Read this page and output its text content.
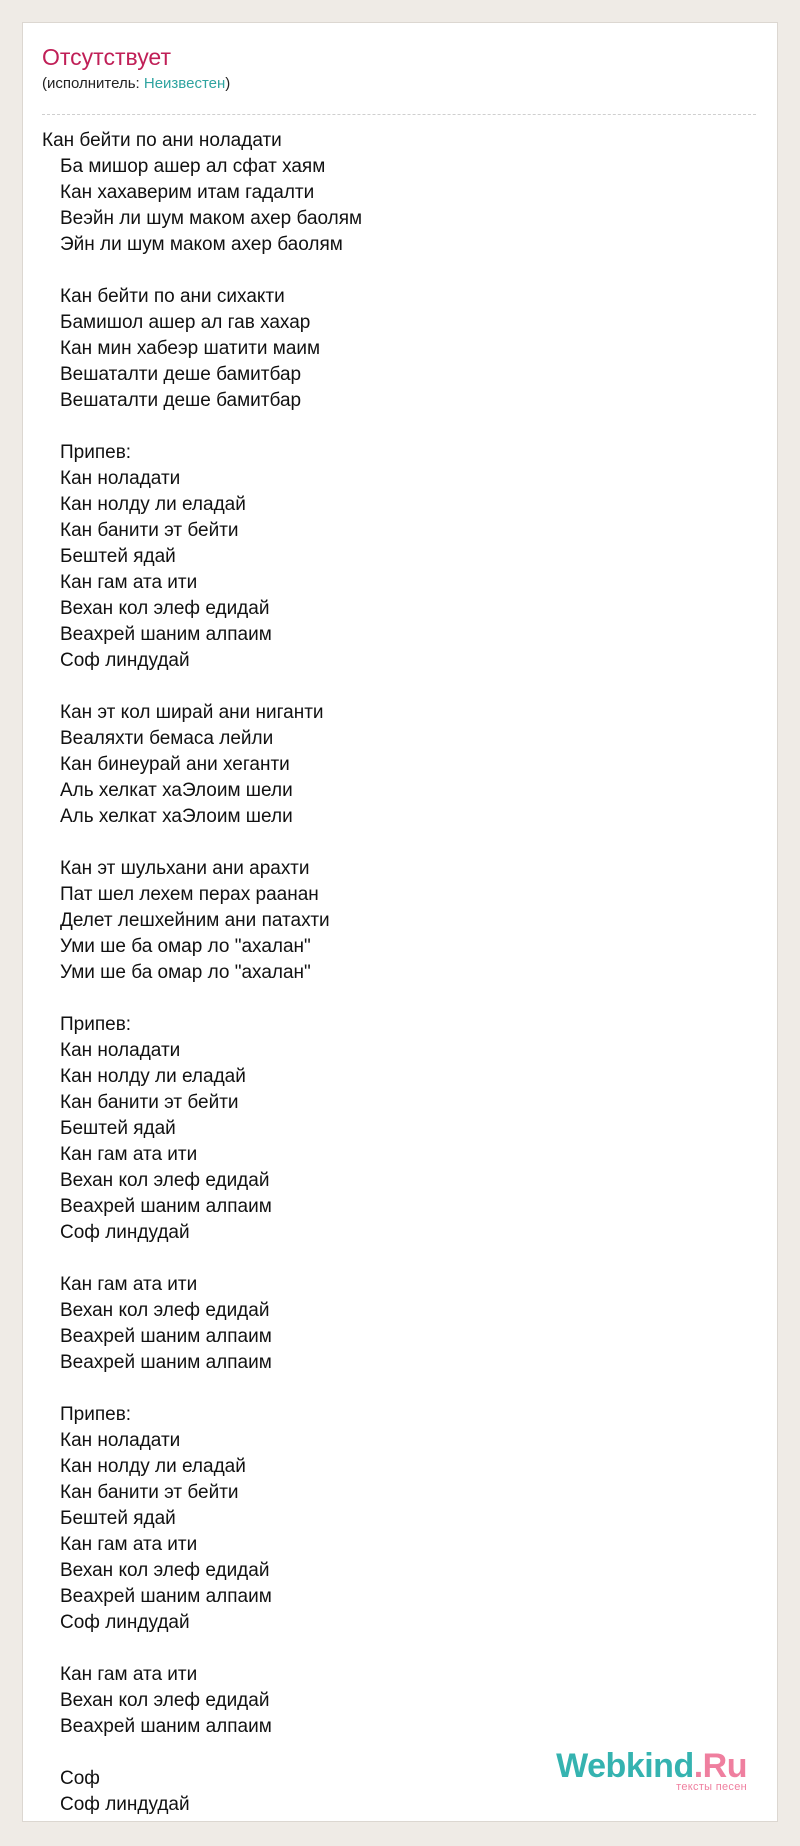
Отсутствует
(исполнитель: Неизвестен)
Кан бейти по ани ноладати
Ба мишор ашер ал сфат хаям
Кан хахаверим итам гадалти
Веэйн ли шум маком ахер баолям
Эйн ли шум маком ахер баолям
Кан бейти по ани сихакти
Бамишол ашер ал гав хахар
Кан мин хабеэр шатити маим
Вешаталти деше бамитбар
Вешаталти деше бамитбар
Припев:
Кан ноладати
Кан нолду ли еладай
Кан банити эт бейти
Бештей ядай
Кан гам ата ити
Вехан кол элеф едидай
Веахрей шаним алпаим
Соф линдудай
Кан эт кол ширай ани ниганти
Веаляхти бемаса лейли
Кан бинеурай ани хеганти
Аль хелкат хаЭлоим шели
Аль хелкат хаЭлоим шели
Кан эт шульхани ани арахти
Пат шел лехем перах раанан
Делет лешхейним ани патахти
Уми ше ба омар ло "ахалан"
Уми ше ба омар ло "ахалан"
Припев:
Кан ноладати
Кан нолду ли еладай
Кан банити эт бейти
Бештей ядай
Кан гам ата ити
Вехан кол элеф едидай
Веахрей шаним алпаим
Соф линдудай
Кан гам ата ити
Вехан кол элеф едидай
Веахрей шаним алпаим
Веахрей шаним алпаим
Припев:
Кан ноладати
Кан нолду ли еладай
Кан банити эт бейти
Бештей ядай
Кан гам ата ити
Вехан кол элеф едидай
Веахрей шаним алпаим
Соф линдудай
Кан гам ата ити
Вехан кол элеф едидай
Веахрей шаним алпаим
Соф
Соф линдудай
Webkind.Ru
тексты песен
